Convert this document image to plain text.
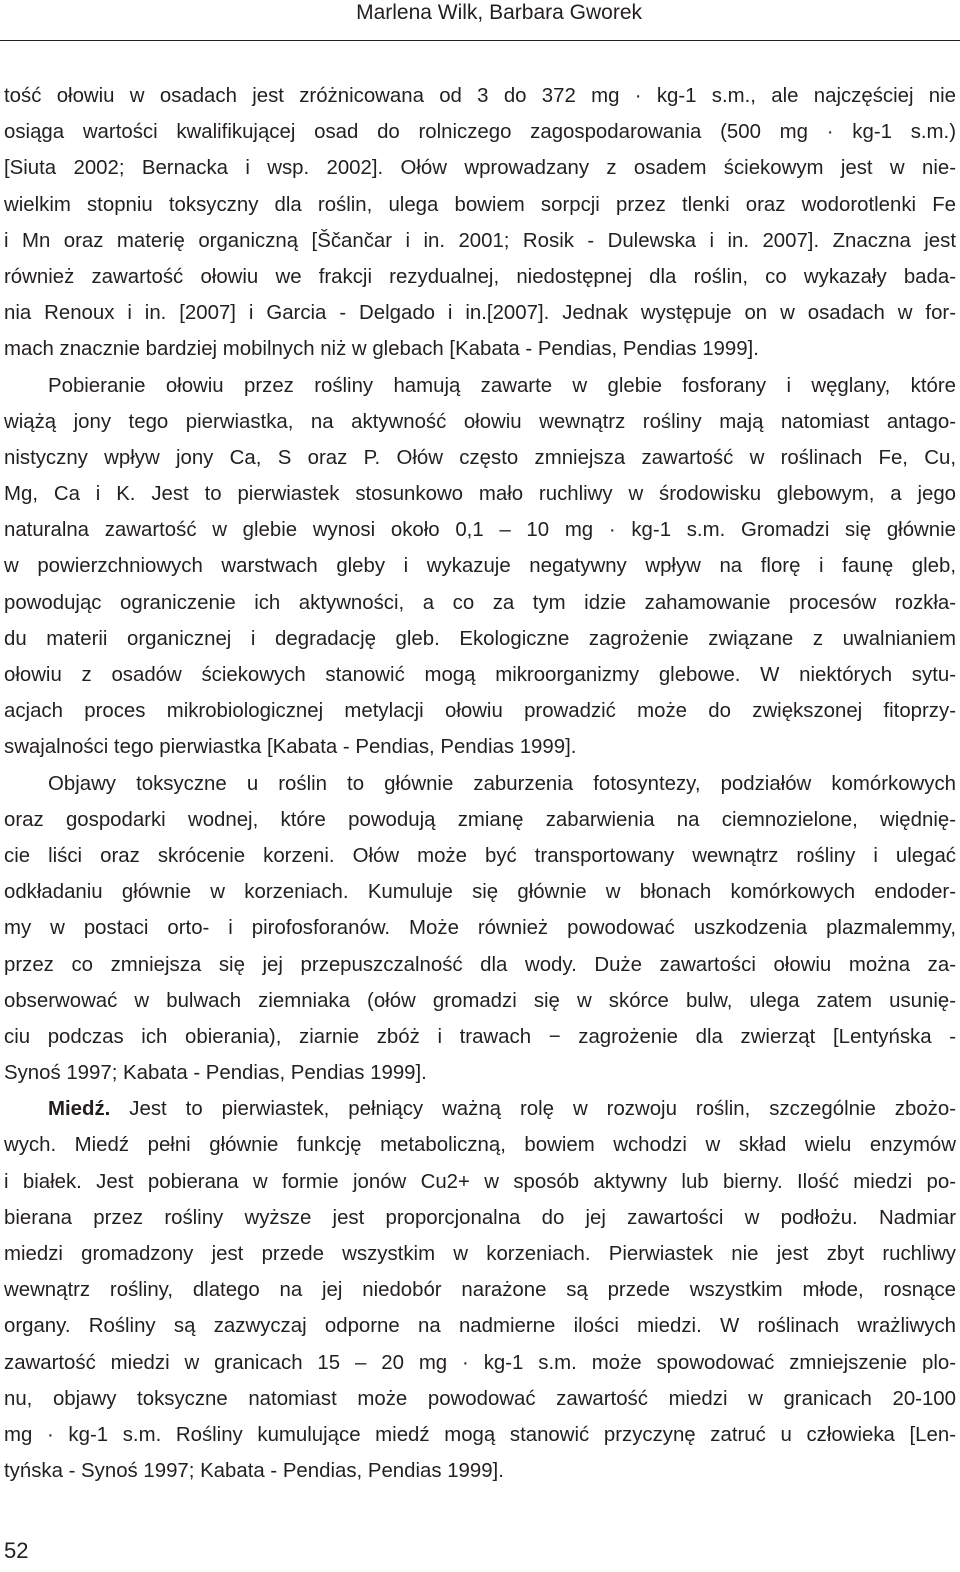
Marlena Wilk, Barbara Gworek
tość ołowiu w osadach jest zróżnicowana od 3 do 372 mg · kg-1 s.m., ale najczęściej nie
osiąga wartości kwalifikującej osad do rolniczego zagospodarowania (500 mg · kg-1 s.m.)
[Siuta 2002; Bernacka i wsp. 2002]. Ołów wprowadzany z osadem ściekowym jest w nie-
wielkim stopniu toksyczny dla roślin, ulega bowiem sorpcji przez tlenki oraz wodorotlenki Fe
i Mn oraz materię organiczną [Ščančar i in. 2001; Rosik - Dulewska i in. 2007]. Znaczna jest
również zawartość ołowiu we frakcji rezydualnej, niedostępnej dla roślin, co wykazały bada-
nia Renoux i in. [2007] i Garcia - Delgado i in.[2007]. Jednak występuje on w osadach w for-
mach znacznie bardziej mobilnych niż w glebach [Kabata - Pendias, Pendias 1999].
Pobieranie ołowiu przez rośliny hamują zawarte w glebie fosforany i węglany, które
wiążą jony tego pierwiastka, na aktywność ołowiu wewnątrz rośliny mają natomiast antago-
nistyczny wpływ jony Ca, S oraz P. Ołów często zmniejsza zawartość w roślinach Fe, Cu,
Mg, Ca i K. Jest to pierwiastek stosunkowo mało ruchliwy w środowisku glebowym, a jego
naturalna zawartość w glebie wynosi około 0,1 – 10 mg · kg-1 s.m. Gromadzi się głównie
w powierzchniowych warstwach gleby i wykazuje negatywny wpływ na florę i faunę gleb,
powodując ograniczenie ich aktywności, a co za tym idzie zahamowanie procesów rozkła-
du materii organicznej i degradację gleb. Ekologiczne zagrożenie związane z uwalnianiem
ołowiu z osadów ściekowych stanowić mogą mikroorganizmy glebowe. W niektórych sytu-
acjach proces mikrobiologicznej metylacji ołowiu prowadzić może do zwiększonej fitoprzy-
swajalności tego pierwiastka [Kabata - Pendias, Pendias 1999].
Objawy toksyczne u roślin to głównie zaburzenia fotosyntezy, podziałów komórkowych
oraz gospodarki wodnej, które powodują zmianę zabarwienia na ciemnozielone, więdnię-
cie liści oraz skrócenie korzeni. Ołów może być transportowany wewnątrz rośliny i ulegać
odkładaniu głównie w korzeniach. Kumuluje się głównie w błonach komórkowych endoder-
my w postaci orto- i pirofosforanów. Może również powodować uszkodzenia plazmalemmy,
przez co zmniejsza się jej przepuszczalność dla wody. Duże zawartości ołowiu można za-
obserwować w bulwach ziemniaka (ołów gromadzi się w skórce bulw, ulega zatem usunię-
ciu podczas ich obierania), ziarnie zbóż i trawach − zagrożenie dla zwierząt [Lentyńska -
Synoś 1997; Kabata - Pendias, Pendias 1999].
Miedź. Jest to pierwiastek, pełniący ważną rolę w rozwoju roślin, szczególnie zbożo-
wych. Miedź pełni głównie funkcję metaboliczną, bowiem wchodzi w skład wielu enzymów
i białek. Jest pobierana w formie jonów Cu2+ w sposób aktywny lub bierny. Ilość miedzi po-
bierana przez rośliny wyższe jest proporcjonalna do jej zawartości w podłożu. Nadmiar
miedzi gromadzony jest przede wszystkim w korzeniach. Pierwiastek nie jest zbyt ruchliwy
wewnątrz rośliny, dlatego na jej niedobór narażone są przede wszystkim młode, rosnące
organy. Rośliny są zazwyczaj odporne na nadmierne ilości miedzi. W roślinach wrażliwych
zawartość miedzi w granicach 15 – 20 mg · kg-1 s.m. może spowodować zmniejszenie plo-
nu, objawy toksyczne natomiast może powodować zawartość miedzi w granicach 20-100
mg · kg-1 s.m. Rośliny kumulujące miedź mogą stanowić przyczynę zatruć u człowieka [Len-
tyńska - Synoś 1997; Kabata - Pendias, Pendias 1999].
52
